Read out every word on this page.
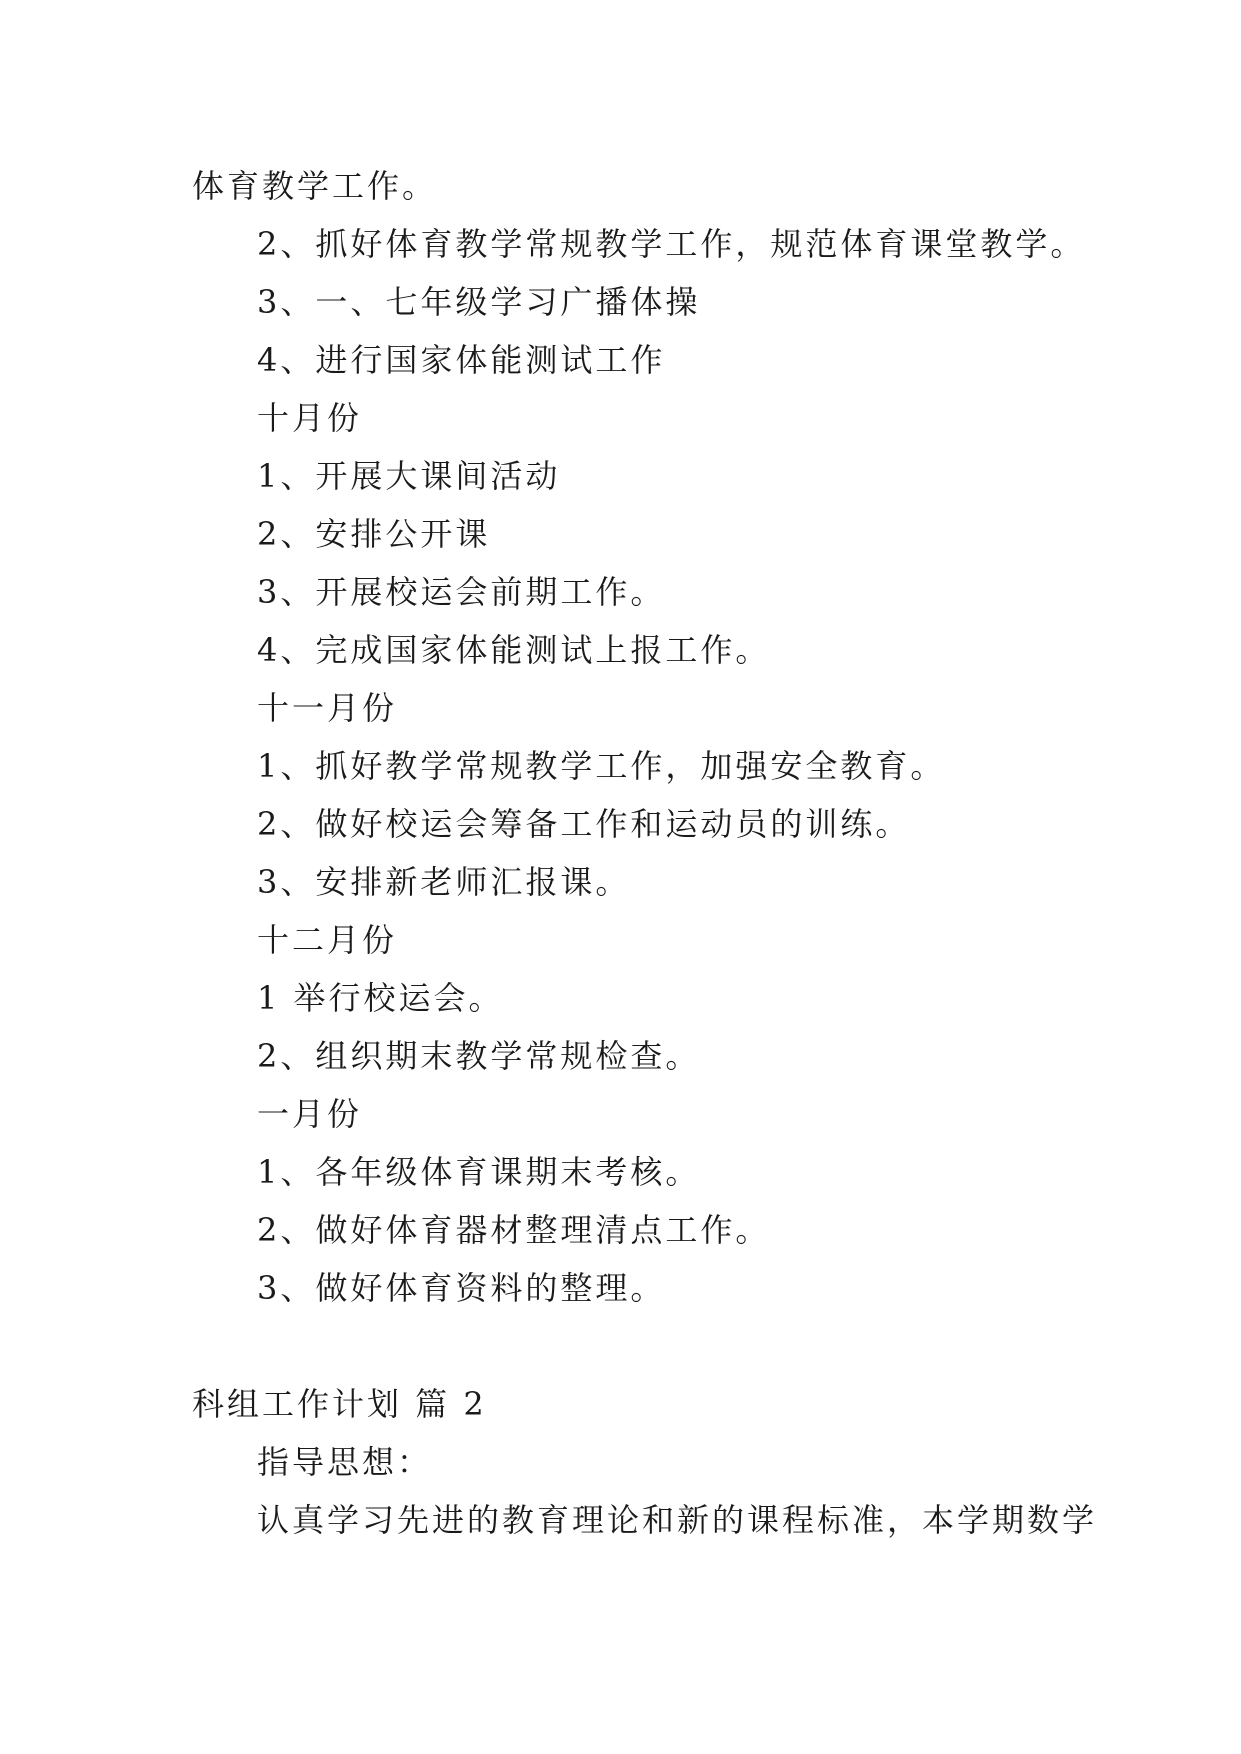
体育教学工作。
2、抓好体育教学常规教学工作，规范体育课堂教学。
3、一、七年级学习广播体操
4、进行国家体能测试工作
十月份
1、开展大课间活动
2、安排公开课
3、开展校运会前期工作。
4、完成国家体能测试上报工作。
十一月份
1、抓好教学常规教学工作，加强安全教育。
2、做好校运会筹备工作和运动员的训练。
3、安排新老师汇报课。
十二月份
1 举行校运会。
2、组织期末教学常规检查。
一月份
1、各年级体育课期末考核。
2、做好体育器材整理清点工作。
3、做好体育资料的整理。
科组工作计划 篇 2
指导思想：
认真学习先进的教育理论和新的课程标准，本学期数学
